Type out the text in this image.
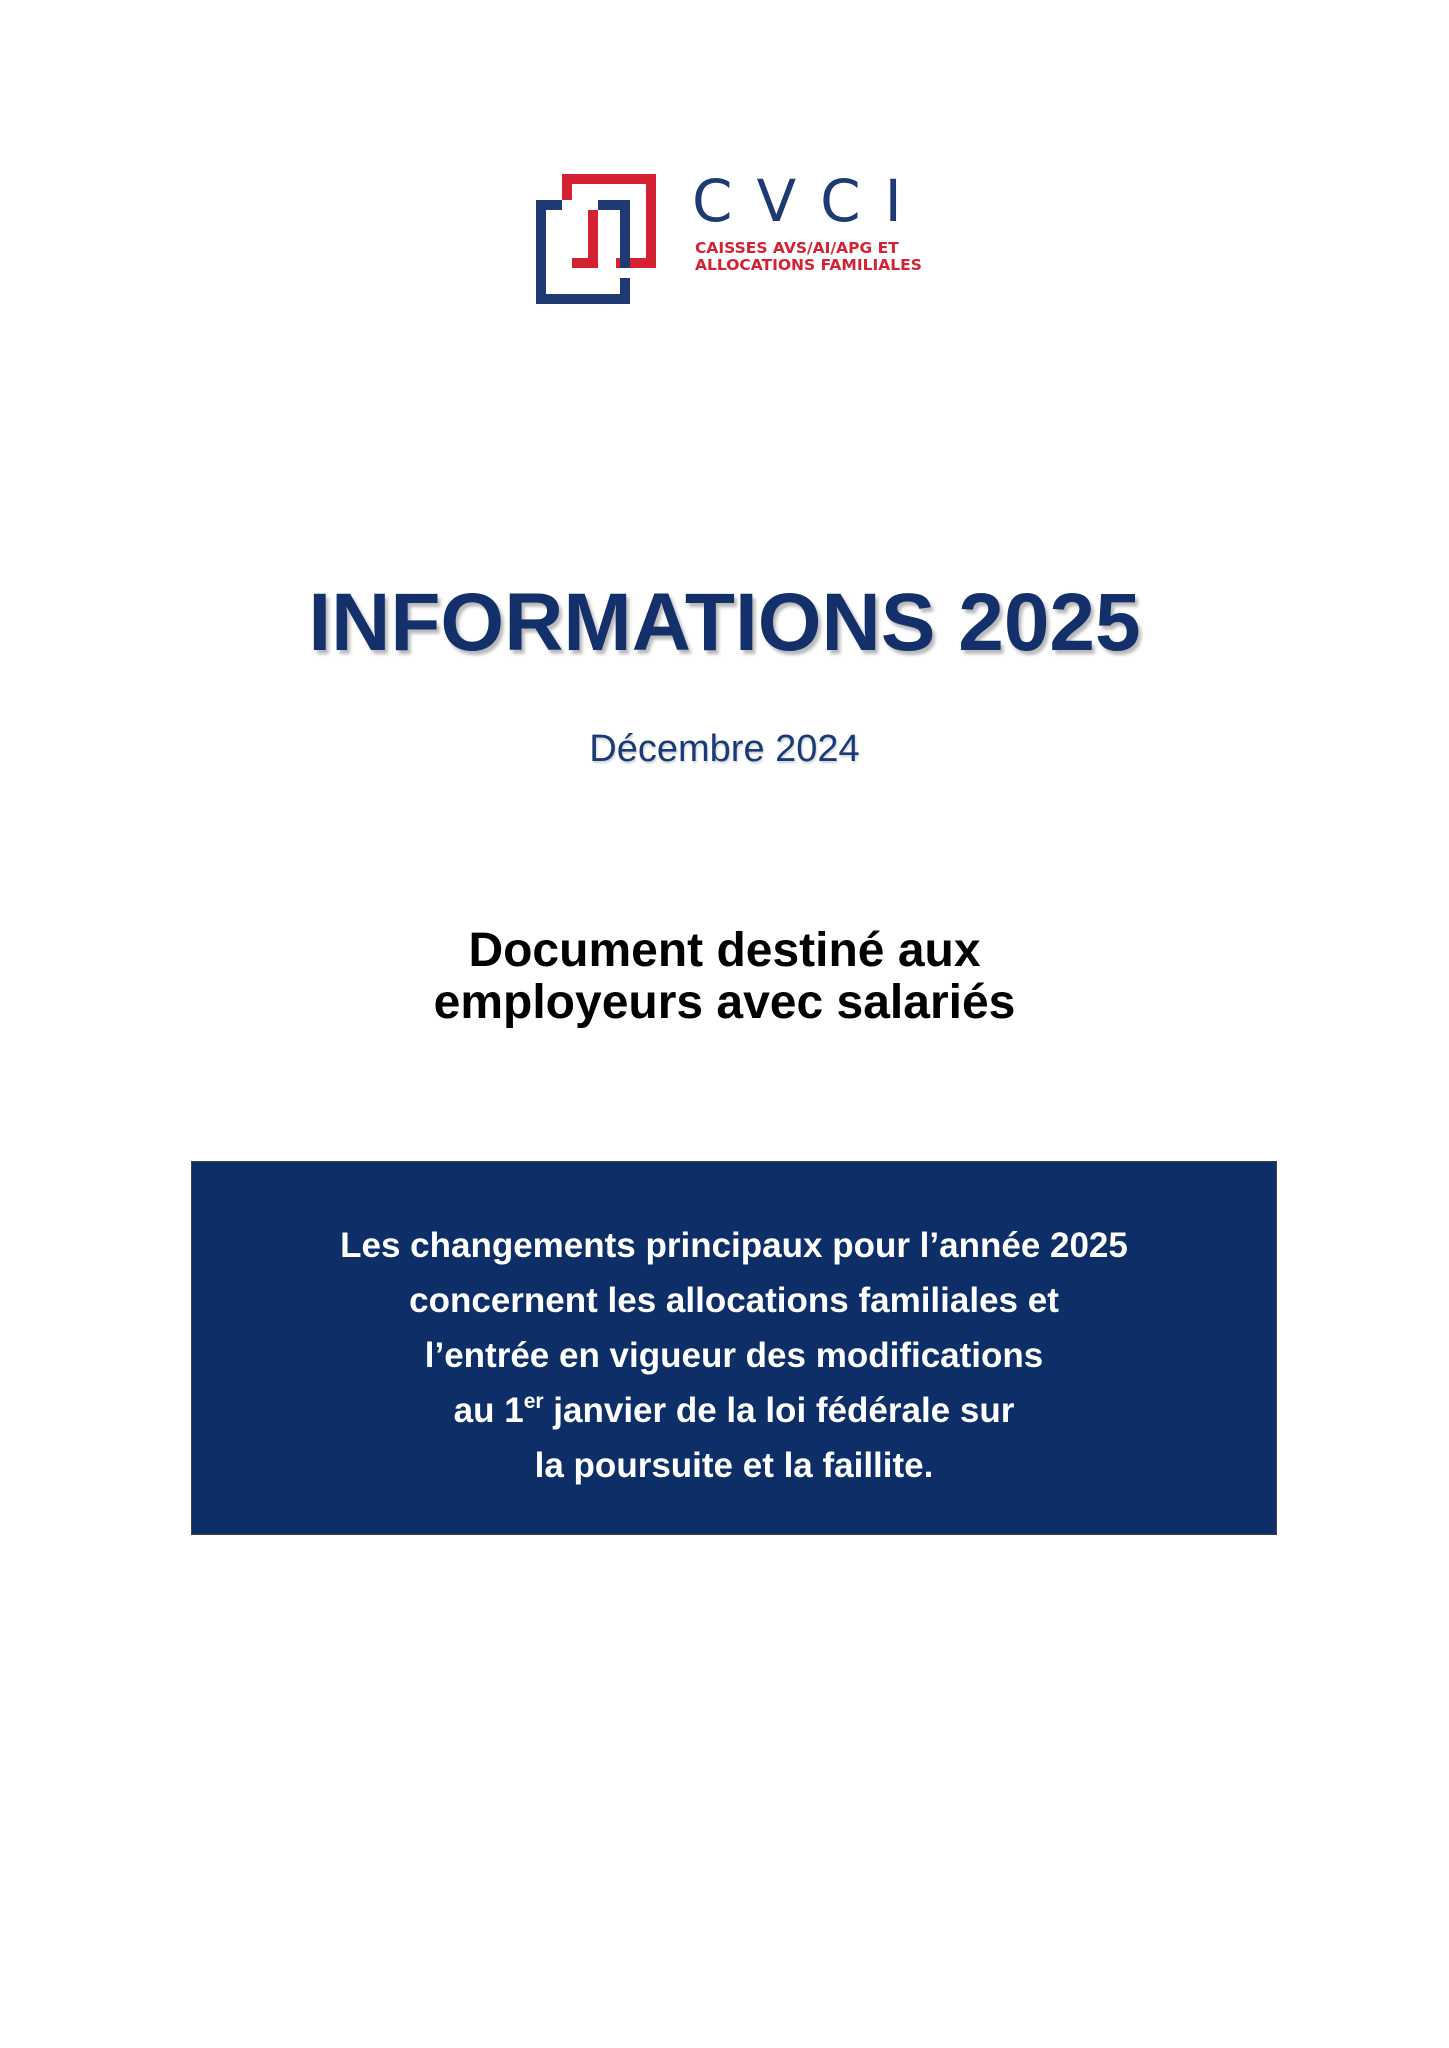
CVCI
CAISSES AVS/AI/APG ET
ALLOCATIONS FAMILIALES
INFORMATIONS 2025
Décembre 2024
Document destiné aux
employeurs avec salariés
Les changements principaux pour l’année 2025
concernent les allocations familiales et
l’entrée en vigueur des modifications
au 1er janvier de la loi fédérale sur
la poursuite et la faillite.
